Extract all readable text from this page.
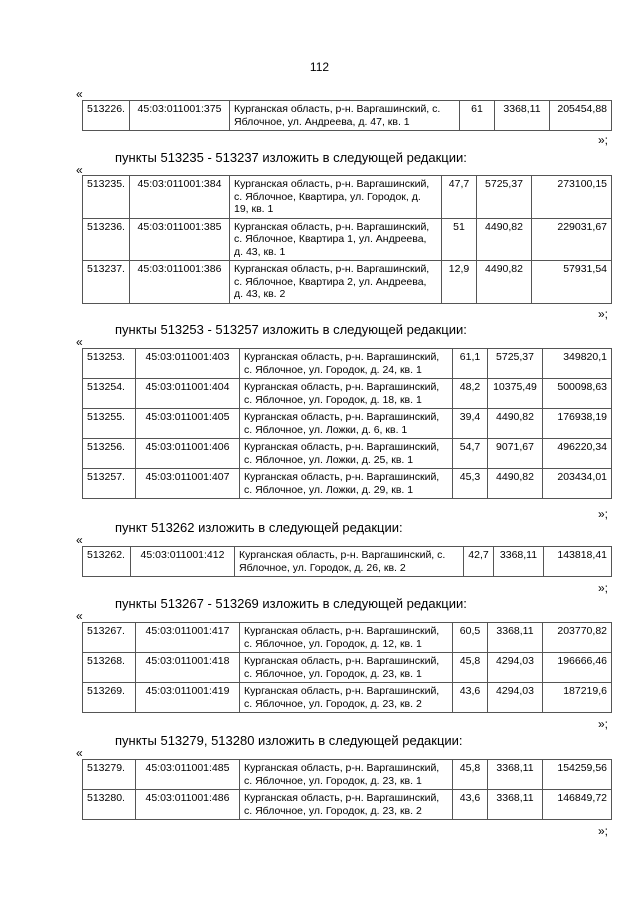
112
«
513226.	45:03:011001:375	Курганская область, р-н. Варгашинский, с. Яблочное, ул. Андреева, д. 47, кв. 1	61	3368,11	205454,88
»;
пункты 513235 - 513237 изложить в следующей редакции:
«
513235.	45:03:011001:384	Курганская область, р-н. Варгашинский, с. Яблочное, Квартира, ул. Городок, д. 19, кв. 1	47,7	5725,37	273100,15
513236.	45:03:011001:385	Курганская область, р-н. Варгашинский, с. Яблочное, Квартира 1, ул. Андреева, д. 43, кв. 1	51	4490,82	229031,67
513237.	45:03:011001:386	Курганская область, р-н. Варгашинский, с. Яблочное, Квартира 2, ул. Андреева, д. 43, кв. 2	12,9	4490,82	57931,54
»;
пункты 513253 - 513257 изложить в следующей редакции:
«
513253.	45:03:011001:403	Курганская область, р-н. Варгашинский, с. Яблочное, ул. Городок, д. 24, кв. 1	61,1	5725,37	349820,1
513254.	45:03:011001:404	Курганская область, р-н. Варгашинский, с. Яблочное, ул. Городок, д. 18, кв. 1	48,2	10375,49	500098,63
513255.	45:03:011001:405	Курганская область, р-н. Варгашинский, с. Яблочное, ул. Ложки, д. 6, кв. 1	39,4	4490,82	176938,19
513256.	45:03:011001:406	Курганская область, р-н. Варгашинский, с. Яблочное, ул. Ложки, д. 25, кв. 1	54,7	9071,67	496220,34
513257.	45:03:011001:407	Курганская область, р-н. Варгашинский, с. Яблочное, ул. Ложки, д. 29, кв. 1	45,3	4490,82	203434,01
»;
пункт 513262 изложить в следующей редакции:
«
513262.	45:03:011001:412	Курганская область, р-н. Варгашинский, с. Яблочное, ул. Городок, д. 26, кв. 2	42,7	3368,11	143818,41
»;
пункты 513267 - 513269 изложить в следующей редакции:
«
513267.	45:03:011001:417	Курганская область, р-н. Варгашинский, с. Яблочное, ул. Городок, д. 12, кв. 1	60,5	3368,11	203770,82
513268.	45:03:011001:418	Курганская область, р-н. Варгашинский, с. Яблочное, ул. Городок, д. 23, кв. 1	45,8	4294,03	196666,46
513269.	45:03:011001:419	Курганская область, р-н. Варгашинский, с. Яблочное, ул. Городок, д. 23, кв. 2	43,6	4294,03	187219,6
»;
пункты 513279, 513280 изложить в следующей редакции:
«
513279.	45:03:011001:485	Курганская область, р-н. Варгашинский, с. Яблочное, ул. Городок, д. 23, кв. 1	45,8	3368,11	154259,56
513280.	45:03:011001:486	Курганская область, р-н. Варгашинский, с. Яблочное, ул. Городок, д. 23, кв. 2	43,6	3368,11	146849,72
»;
